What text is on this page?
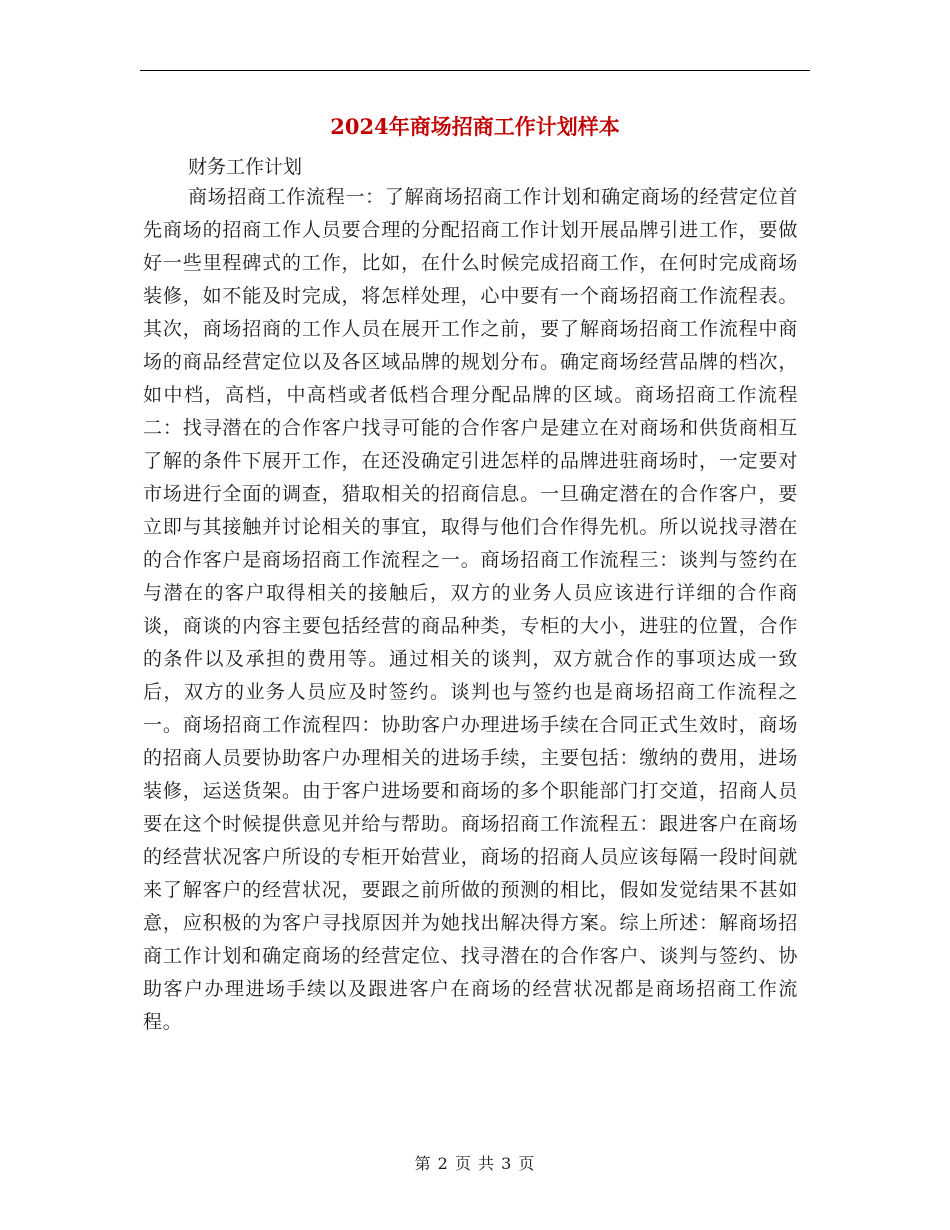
2024年商场招商工作计划样本

财务工作计划

商场招商工作流程一：了解商场招商工作计划和确定商场的经营定位首先商场的招商工作人员要合理的分配招商工作计划开展品牌引进工作，要做好一些里程碑式的工作，比如，在什么时候完成招商工作，在何时完成商场装修，如不能及时完成，将怎样处理，心中要有一个商场招商工作流程表。其次，商场招商的工作人员在展开工作之前，要了解商场招商工作流程中商场的商品经营定位以及各区域品牌的规划分布。确定商场经营品牌的档次，如中档，高档，中高档或者低档合理分配品牌的区域。商场招商工作流程二：找寻潜在的合作客户找寻可能的合作客户是建立在对商场和供货商相互了解的条件下展开工作，在还没确定引进怎样的品牌进驻商场时，一定要对市场进行全面的调查，猎取相关的招商信息。一旦确定潜在的合作客户，要立即与其接触并讨论相关的事宜，取得与他们合作得先机。所以说找寻潜在的合作客户是商场招商工作流程之一。商场招商工作流程三：谈判与签约在与潜在的客户取得相关的接触后，双方的业务人员应该进行详细的合作商谈，商谈的内容主要包括经营的商品种类，专柜的大小，进驻的位置，合作的条件以及承担的费用等。通过相关的谈判，双方就合作的事项达成一致后，双方的业务人员应及时签约。谈判也与签约也是商场招商工作流程之一。商场招商工作流程四：协助客户办理进场手续在合同正式生效时，商场的招商人员要协助客户办理相关的进场手续，主要包括：缴纳的费用，进场装修，运送货架。由于客户进场要和商场的多个职能部门打交道，招商人员要在这个时候提供意见并给与帮助。商场招商工作流程五：跟进客户在商场的经营状况客户所设的专柜开始营业，商场的招商人员应该每隔一段时间就来了解客户的经营状况，要跟之前所做的预测的相比，假如发觉结果不甚如意，应积极的为客户寻找原因并为她找出解决得方案。综上所述：解商场招商工作计划和确定商场的经营定位、找寻潜在的合作客户、谈判与签约、协助客户办理进场手续以及跟进客户在商场的经营状况都是商场招商工作流程。

第 2 页 共 3 页
